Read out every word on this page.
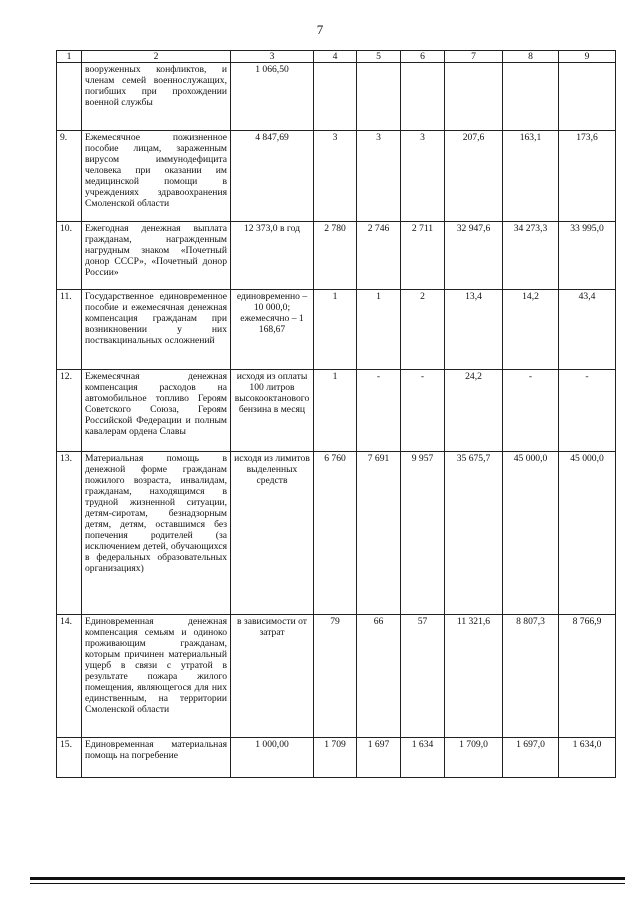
7
1	2	3	4	5	6	7	8	9
	вооруженных конфликтов, и членам семей военнослужащих, погибших при прохождении военной службы	1 066,50						
9.	Ежемесячное пожизненное пособие лицам, зараженным вирусом иммунодефицита человека при оказании им медицинской помощи в учреждениях здравоохранения Смоленской области	4 847,69	3	3	3	207,6	163,1	173,6
10.	Ежегодная денежная выплата гражданам, награжденным нагрудным знаком «Почетный донор СССР», «Почетный донор России»	12 373,0 в год	2 780	2 746	2 711	32 947,6	34 273,3	33 995,0
11.	Государственное единовременное пособие и ежемесячная денежная компенсация гражданам при возникновении у них поствакцинальных осложнений	единовременно – 10 000,0; ежемесячно – 1 168,67	1	1	2	13,4	14,2	43,4
12.	Ежемесячная денежная компенсация расходов на автомобильное топливо Героям Советского Союза, Героям Российской Федерации и полным кавалерам ордена Славы	исходя из оплаты 100 литров высокооктанового бензина в месяц	1	-	-	24,2	-	-
13.	Материальная помощь в денежной форме гражданам пожилого возраста, инвалидам, гражданам, находящимся в трудной жизненной ситуации, детям-сиротам, безнадзорным детям, детям, оставшимся без попечения родителей (за исключением детей, обучающихся в федеральных образовательных организациях)	исходя из лимитов выделенных средств	6 760	7 691	9 957	35 675,7	45 000,0	45 000,0
14.	Единовременная денежная компенсация семьям и одиноко проживающим гражданам, которым причинен материальный ущерб в связи с утратой в результате пожара жилого помещения, являющегося для них единственным, на территории Смоленской области	в зависимости от затрат	79	66	57	11 321,6	8 807,3	8 766,9
15.	Единовременная материальная помощь на погребение	1 000,00	1 709	1 697	1 634	1 709,0	1 697,0	1 634,0
